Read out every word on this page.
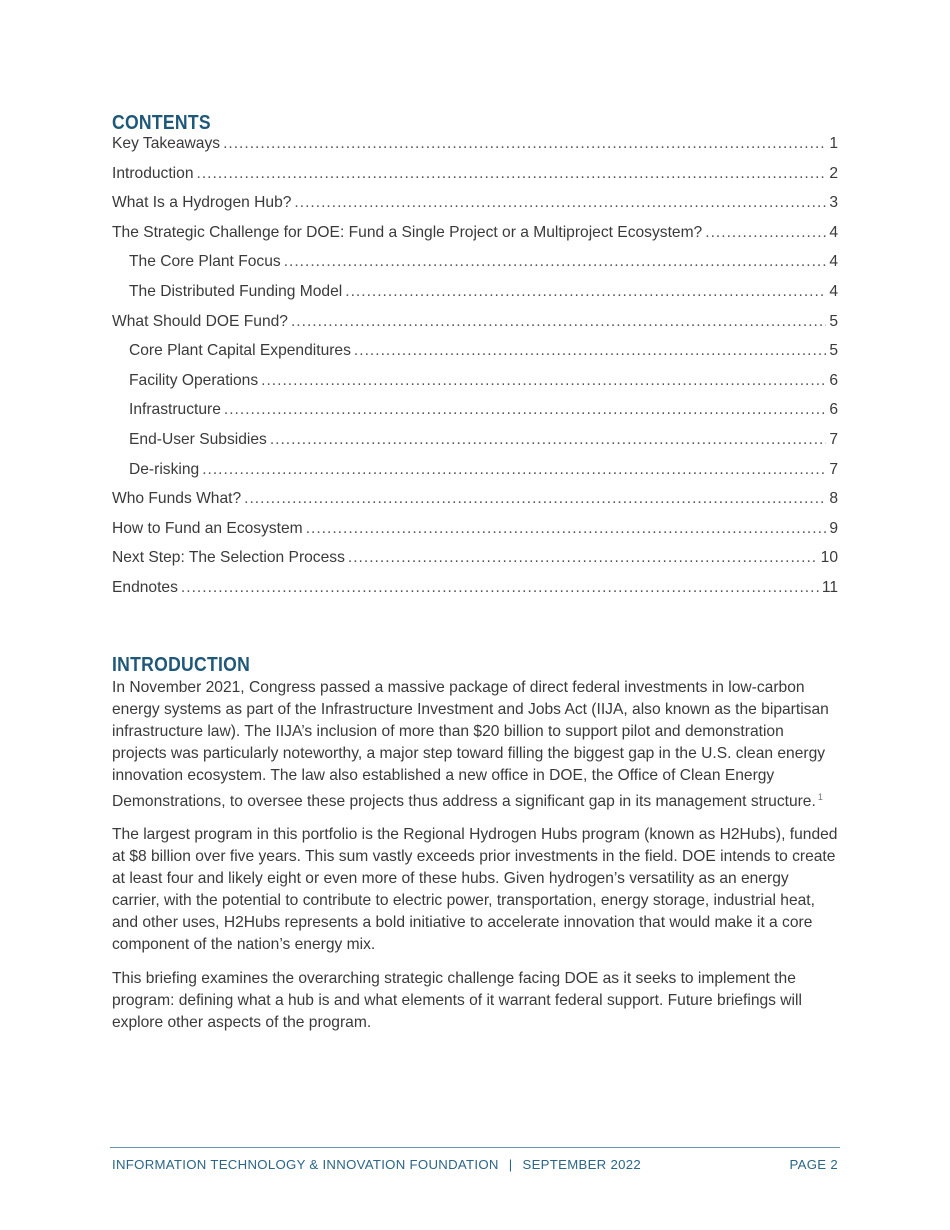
CONTENTS
Key Takeaways .....	1
Introduction .....	2
What Is a Hydrogen Hub? .....	3
The Strategic Challenge for DOE: Fund a Single Project or a Multiproject Ecosystem? .....	4
The Core Plant Focus .....	4
The Distributed Funding Model .....	4
What Should DOE Fund? .....	5
Core Plant Capital Expenditures .....	5
Facility Operations .....	6
Infrastructure .....	6
End-User Subsidies .....	7
De-risking .....	7
Who Funds What? .....	8
How to Fund an Ecosystem .....	9
Next Step: The Selection Process .....	10
Endnotes .....	11
INTRODUCTION

In November 2021, Congress passed a massive package of direct federal investments in low-carbon energy systems as part of the Infrastructure Investment and Jobs Act (IIJA, also known as the bipartisan infrastructure law). The IIJA’s inclusion of more than $20 billion to support pilot and demonstration projects was particularly noteworthy, a major step toward filling the biggest gap in the U.S. clean energy innovation ecosystem. The law also established a new office in DOE, the Office of Clean Energy Demonstrations, to oversee these projects thus address a significant gap in its management structure. $^1$

The largest program in this portfolio is the Regional Hydrogen Hubs program (known as H2Hubs), funded at $8 billion over five years. This sum vastly exceeds prior investments in the field. DOE intends to create at least four and likely eight or even more of these hubs. Given hydrogen’s versatility as an energy carrier, with the potential to contribute to electric power, transportation, energy storage, industrial heat, and other uses, H2Hubs represents a bold initiative to accelerate innovation that would make it a core component of the nation’s energy mix.

This briefing examines the overarching strategic challenge facing DOE as it seeks to implement the program: defining what a hub is and what elements of it warrant federal support. Future briefings will explore other aspects of the program.

INFORMATION TECHNOLOGY & INNOVATION FOUNDATION | SEPTEMBER 2022	PAGE 2
